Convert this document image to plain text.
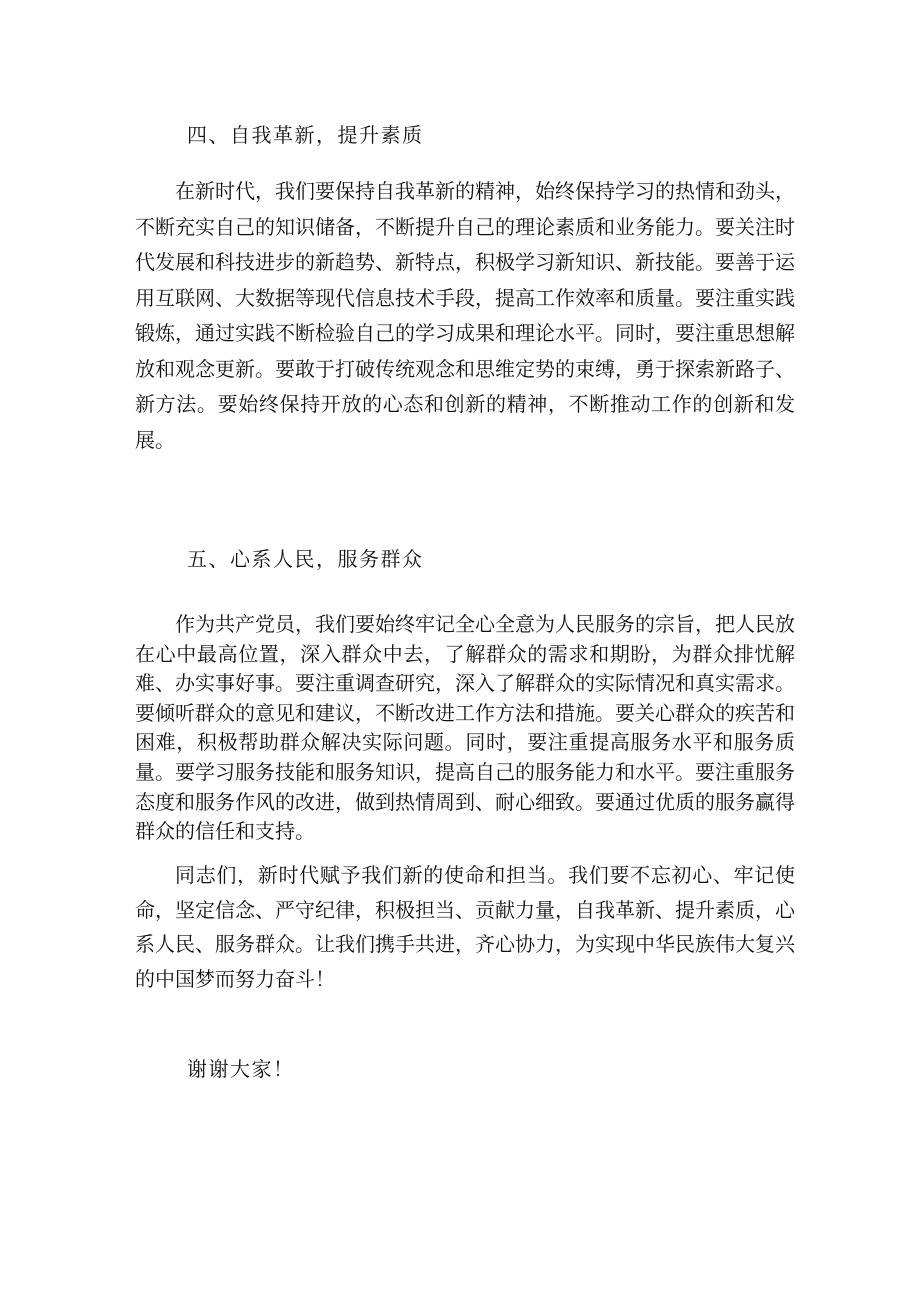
四、自我革新，提升素质

在新时代，我们要保持自我革新的精神，始终保持学习的热情和劲头，不断充实自己的知识储备，不断提升自己的理论素质和业务能力。要关注时代发展和科技进步的新趋势、新特点，积极学习新知识、新技能。要善于运用互联网、大数据等现代信息技术手段，提高工作效率和质量。要注重实践锻炼，通过实践不断检验自己的学习成果和理论水平。同时，要注重思想解放和观念更新。要敢于打破传统观念和思维定势的束缚，勇于探索新路子、新方法。要始终保持开放的心态和创新的精神，不断推动工作的创新和发展。

五、心系人民，服务群众

作为共产党员，我们要始终牢记全心全意为人民服务的宗旨，把人民放在心中最高位置，深入群众中去，了解群众的需求和期盼，为群众排忧解难、办实事好事。要注重调查研究，深入了解群众的实际情况和真实需求。要倾听群众的意见和建议，不断改进工作方法和措施。要关心群众的疾苦和困难，积极帮助群众解决实际问题。同时，要注重提高服务水平和服务质量。要学习服务技能和服务知识，提高自己的服务能力和水平。要注重服务态度和服务作风的改进，做到热情周到、耐心细致。要通过优质的服务赢得群众的信任和支持。

同志们，新时代赋予我们新的使命和担当。我们要不忘初心、牢记使命，坚定信念、严守纪律，积极担当、贡献力量，自我革新、提升素质，心系人民、服务群众。让我们携手共进，齐心协力，为实现中华民族伟大复兴的中国梦而努力奋斗！

谢谢大家！
